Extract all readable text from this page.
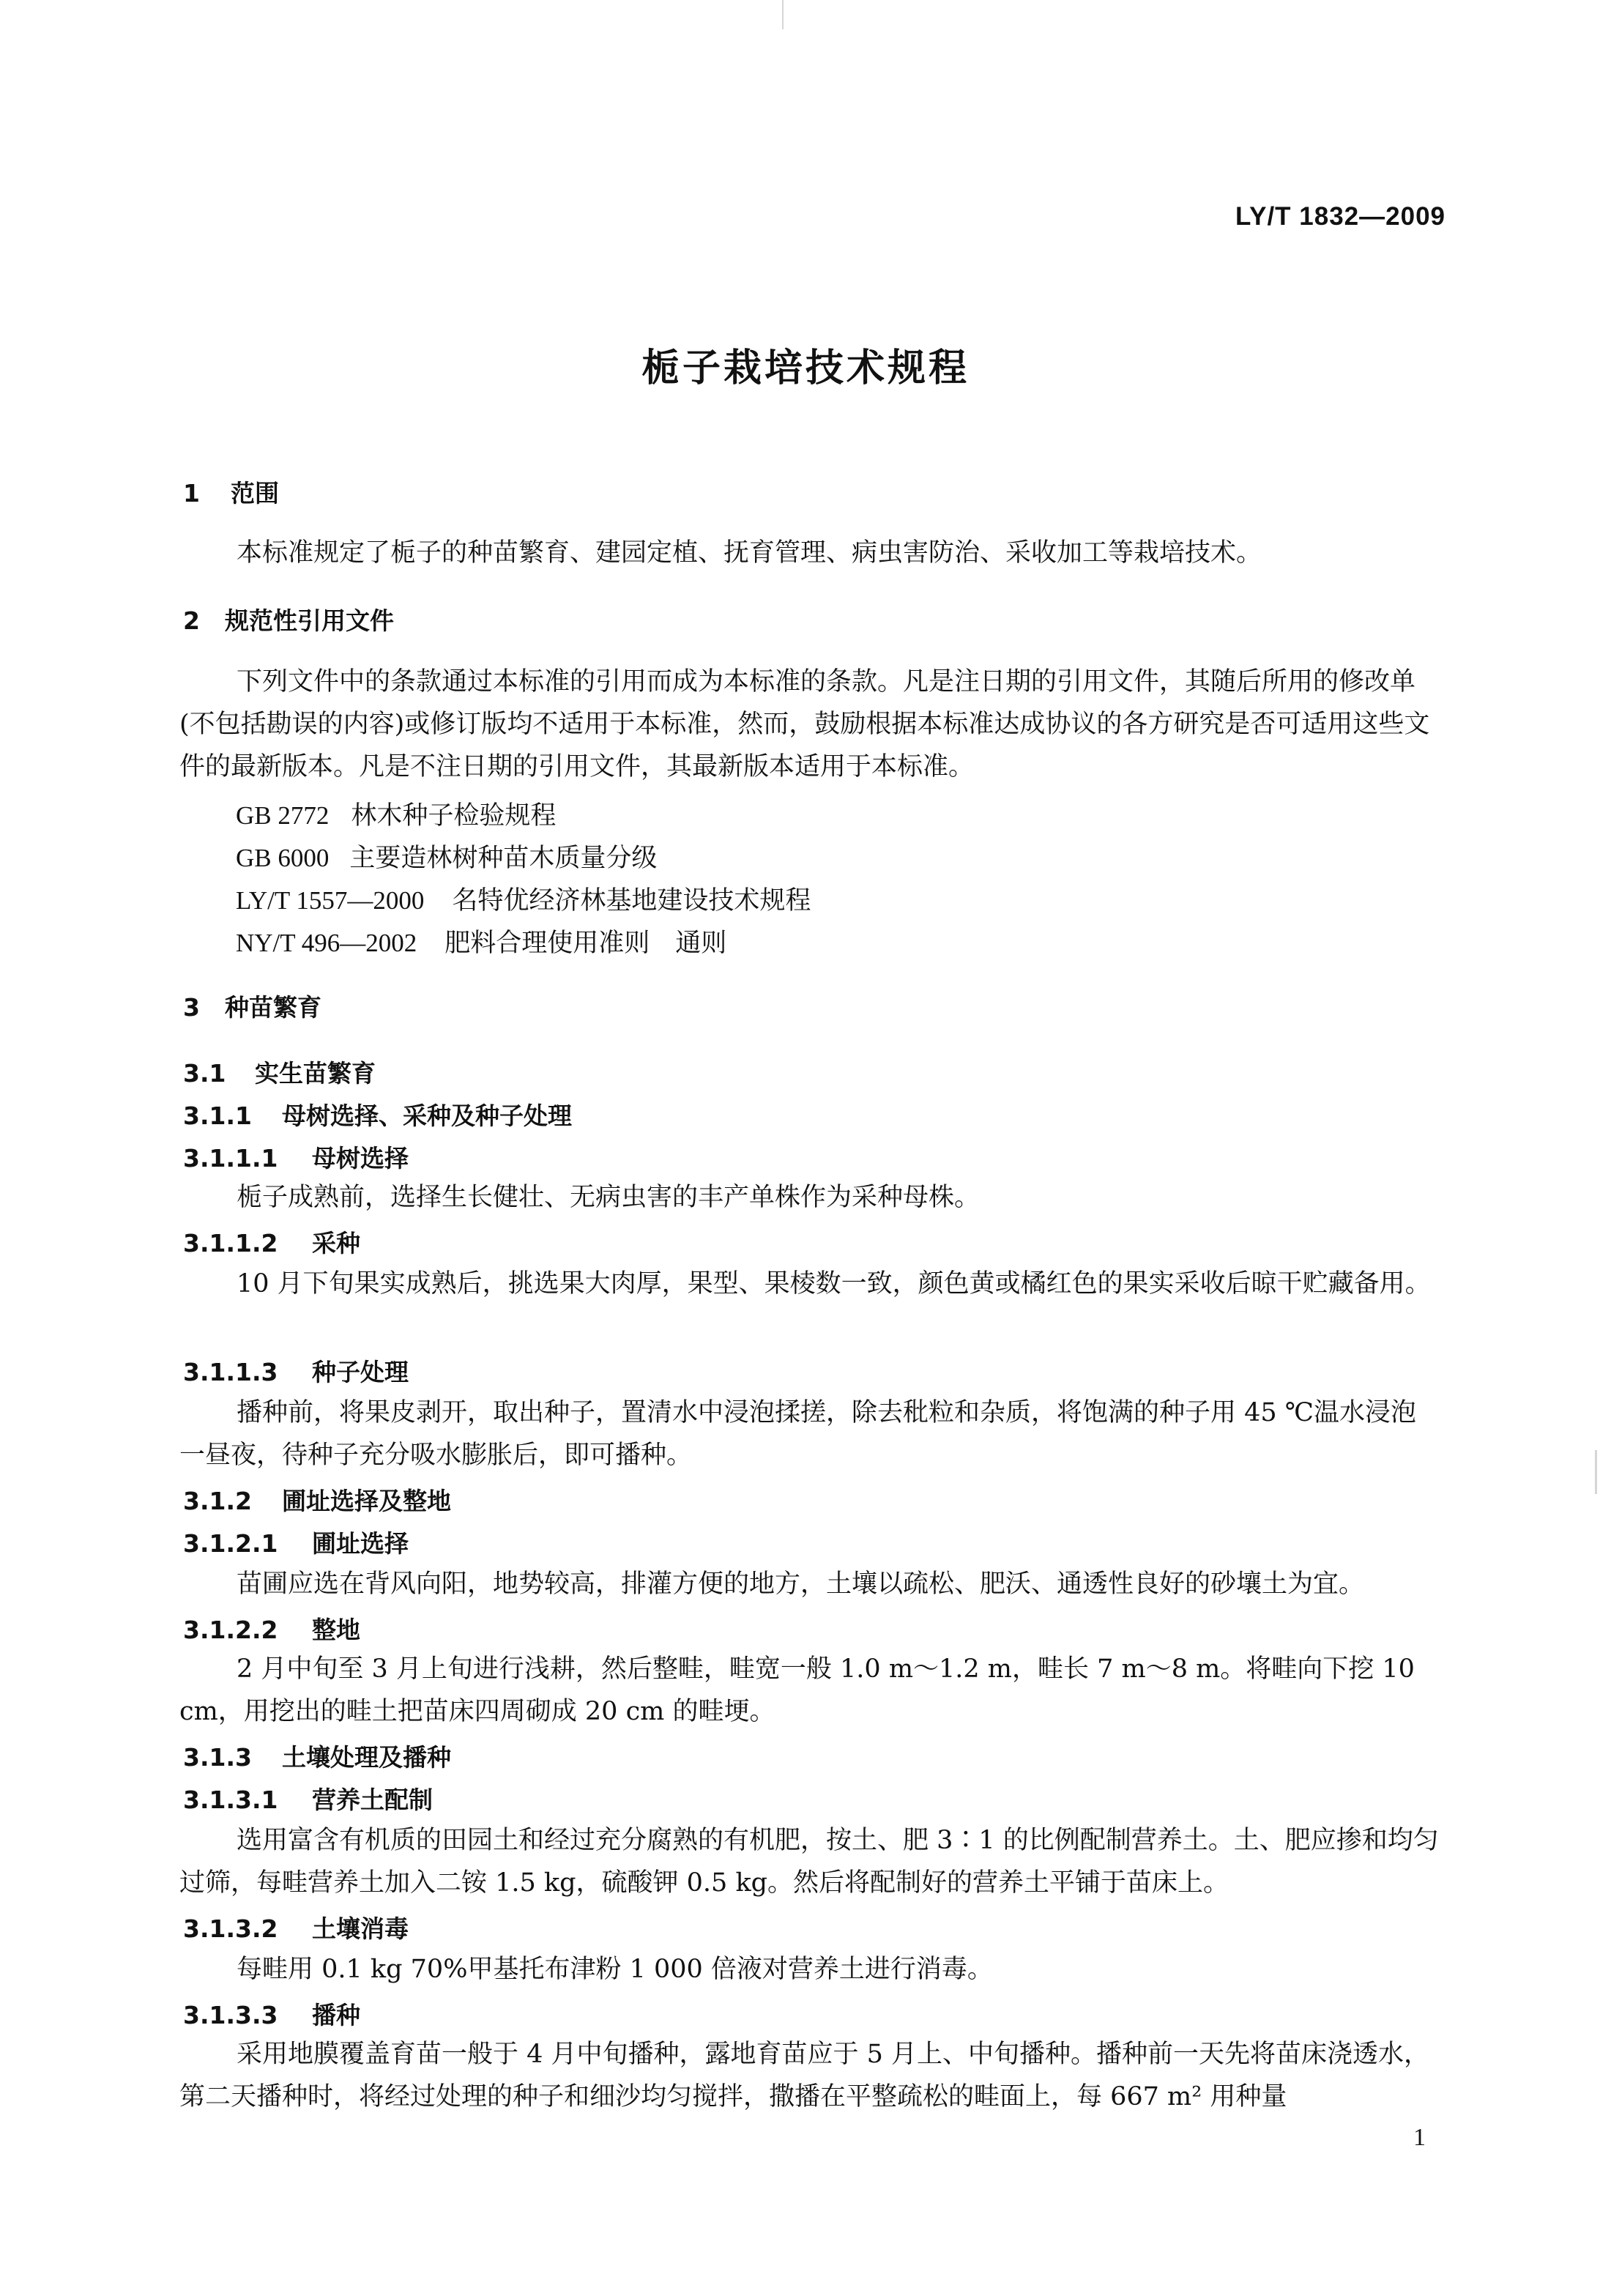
LY/T 1832—2009
栀子栽培技术规程
1 范围
本标准规定了栀子的种苗繁育、建园定植、抚育管理、病虫害防治、采收加工等栽培技术。
2 规范性引用文件
下列文件中的条款通过本标准的引用而成为本标准的条款。凡是注日期的引用文件，其随后所用的修改单(不包括勘误的内容)或修订版均不适用于本标准，然而，鼓励根据本标准达成协议的各方研究是否可适用这些文件的最新版本。凡是不注日期的引用文件，其最新版本适用于本标准。
GB 2772 林木种子检验规程
GB 6000 主要造林树种苗木质量分级
LY/T 1557—2000 名特优经济林基地建设技术规程
NY/T 496—2002 肥料合理使用准则　通则
3 种苗繁育
3.1 实生苗繁育
3.1.1 母树选择、采种及种子处理
3.1.1.1 母树选择
栀子成熟前，选择生长健壮、无病虫害的丰产单株作为采种母株。
3.1.1.2 采种
10 月下旬果实成熟后，挑选果大肉厚，果型、果棱数一致，颜色黄或橘红色的果实采收后晾干贮藏备用。
3.1.1.3 种子处理
播种前，将果皮剥开，取出种子，置清水中浸泡揉搓，除去秕粒和杂质，将饱满的种子用 45 ℃温水浸泡一昼夜，待种子充分吸水膨胀后，即可播种。
3.1.2 圃址选择及整地
3.1.2.1 圃址选择
苗圃应选在背风向阳，地势较高，排灌方便的地方，土壤以疏松、肥沃、通透性良好的砂壤土为宜。
3.1.2.2 整地
2 月中旬至 3 月上旬进行浅耕，然后整畦，畦宽一般 1.0 m～1.2 m，畦长 7 m～8 m。将畦向下挖 10 cm，用挖出的畦土把苗床四周砌成 20 cm 的畦埂。
3.1.3 土壤处理及播种
3.1.3.1 营养土配制
选用富含有机质的田园土和经过充分腐熟的有机肥，按土、肥 3∶1 的比例配制营养土。土、肥应掺和均匀过筛，每畦营养土加入二铵 1.5 kg，硫酸钾 0.5 kg。然后将配制好的营养土平铺于苗床上。
3.1.3.2 土壤消毒
每畦用 0.1 kg 70%甲基托布津粉 1 000 倍液对营养土进行消毒。
3.1.3.3 播种
采用地膜覆盖育苗一般于 4 月中旬播种，露地育苗应于 5 月上、中旬播种。播种前一天先将苗床浇透水，第二天播种时，将经过处理的种子和细沙均匀搅拌，撒播在平整疏松的畦面上，每 667 m² 用种量
1
